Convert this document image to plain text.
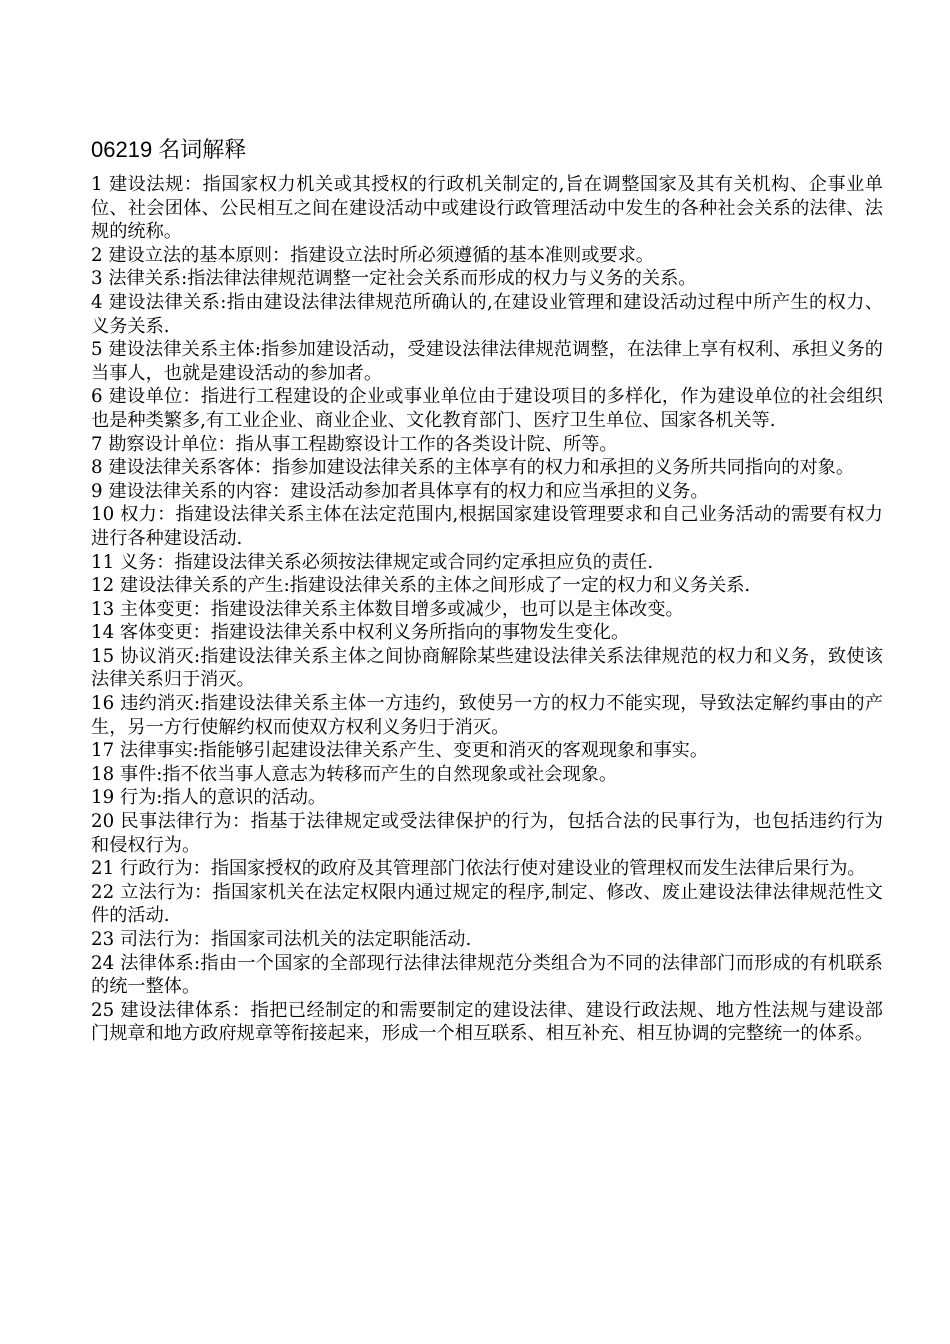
06219 名词解释
1 建设法规：指国家权力机关或其授权的行政机关制定的,旨在调整国家及其有关机构、企事业单位、社会团体、公民相互之间在建设活动中或建设行政管理活动中发生的各种社会关系的法律、法规的统称。
2 建设立法的基本原则：指建设立法时所必须遵循的基本准则或要求。
3 法律关系:指法律法律规范调整一定社会关系而形成的权力与义务的关系。
4 建设法律关系:指由建设法律法律规范所确认的,在建设业管理和建设活动过程中所产生的权力、义务关系.
5 建设法律关系主体:指参加建设活动，受建设法律法律规范调整，在法律上享有权利、承担义务的当事人，也就是建设活动的参加者。
6 建设单位：指进行工程建设的企业或事业单位由于建设项目的多样化，作为建设单位的社会组织也是种类繁多,有工业企业、商业企业、文化教育部门、医疗卫生单位、国家各机关等.
7 勘察设计单位：指从事工程勘察设计工作的各类设计院、所等。
8 建设法律关系客体：指参加建设法律关系的主体享有的权力和承担的义务所共同指向的对象。
9 建设法律关系的内容：建设活动参加者具体享有的权力和应当承担的义务。
10 权力：指建设法律关系主体在法定范围内,根据国家建设管理要求和自己业务活动的需要有权力进行各种建设活动.
11 义务：指建设法律关系必须按法律规定或合同约定承担应负的责任.
12 建设法律关系的产生:指建设法律关系的主体之间形成了一定的权力和义务关系.
13 主体变更：指建设法律关系主体数目增多或减少，也可以是主体改变。
14 客体变更：指建设法律关系中权利义务所指向的事物发生变化。
15 协议消灭:指建设法律关系主体之间协商解除某些建设法律关系法律规范的权力和义务，致使该法律关系归于消灭。
16 违约消灭:指建设法律关系主体一方违约，致使另一方的权力不能实现，导致法定解约事由的产生，另一方行使解约权而使双方权利义务归于消灭。
17 法律事实:指能够引起建设法律关系产生、变更和消灭的客观现象和事实。
18 事件:指不依当事人意志为转移而产生的自然现象或社会现象。
19 行为:指人的意识的活动。
20 民事法律行为：指基于法律规定或受法律保护的行为，包括合法的民事行为，也包括违约行为和侵权行为。
21 行政行为：指国家授权的政府及其管理部门依法行使对建设业的管理权而发生法律后果行为。
22 立法行为：指国家机关在法定权限内通过规定的程序,制定、修改、废止建设法律法律规范性文件的活动.
23 司法行为：指国家司法机关的法定职能活动.
24 法律体系:指由一个国家的全部现行法律法律规范分类组合为不同的法律部门而形成的有机联系的统一整体。
25 建设法律体系：指把已经制定的和需要制定的建设法律、建设行政法规、地方性法规与建设部门规章和地方政府规章等衔接起来，形成一个相互联系、相互补充、相互协调的完整统一的体系。
